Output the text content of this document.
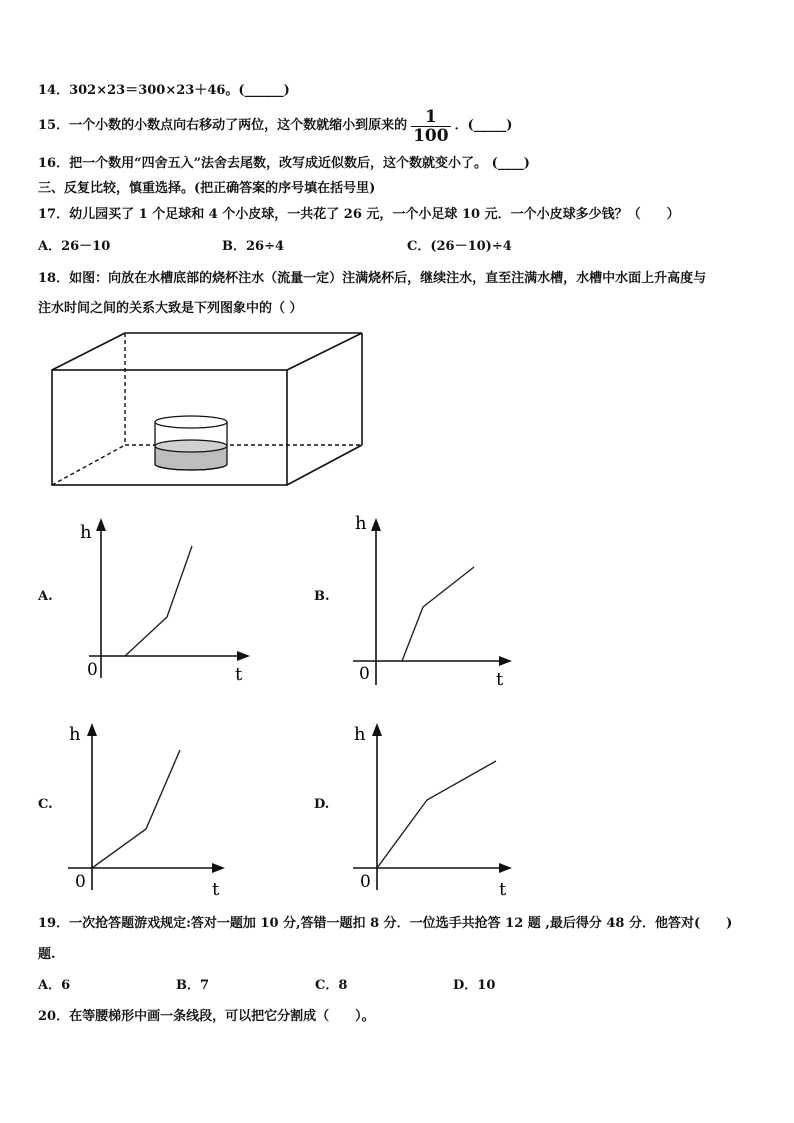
14．302×23＝300×23＋46。(______)
15．一个小数的小数点向右移动了两位，这个数就缩小到原来的 $\frac{1}{100}$ ．(_____)
16．把一个数用“四舍五入”法舍去尾数，改写成近似数后，这个数就变小了。 (____)
三、反复比较，慎重选择。(把正确答案的序号填在括号里)
17．幼儿园买了 1 个足球和 4 个小皮球，一共花了 26 元，一个小足球 10 元．一个小皮球多少钱？（　　）
A．26－10	B．26÷4	C．(26－10)÷4
18．如图：向放在水槽底部的烧杯注水（流量一定）注满烧杯后，继续注水，直至注满水槽，水槽中水面上升高度与
注水时间之间的关系大致是下列图象中的（ ）
A.
h
t
0
B.
h
t
0
C.
h
t
0
D.
h
t
0
19．一次抢答题游戏规定:答对一题加 10 分,答错一题扣 8 分．一位选手共抢答 12 题 ,最后得分 48 分．他答对(　　)
题.
A．6	B．7	C．8	D．10
20．在等腰梯形中画一条线段，可以把它分割成（　　）。
